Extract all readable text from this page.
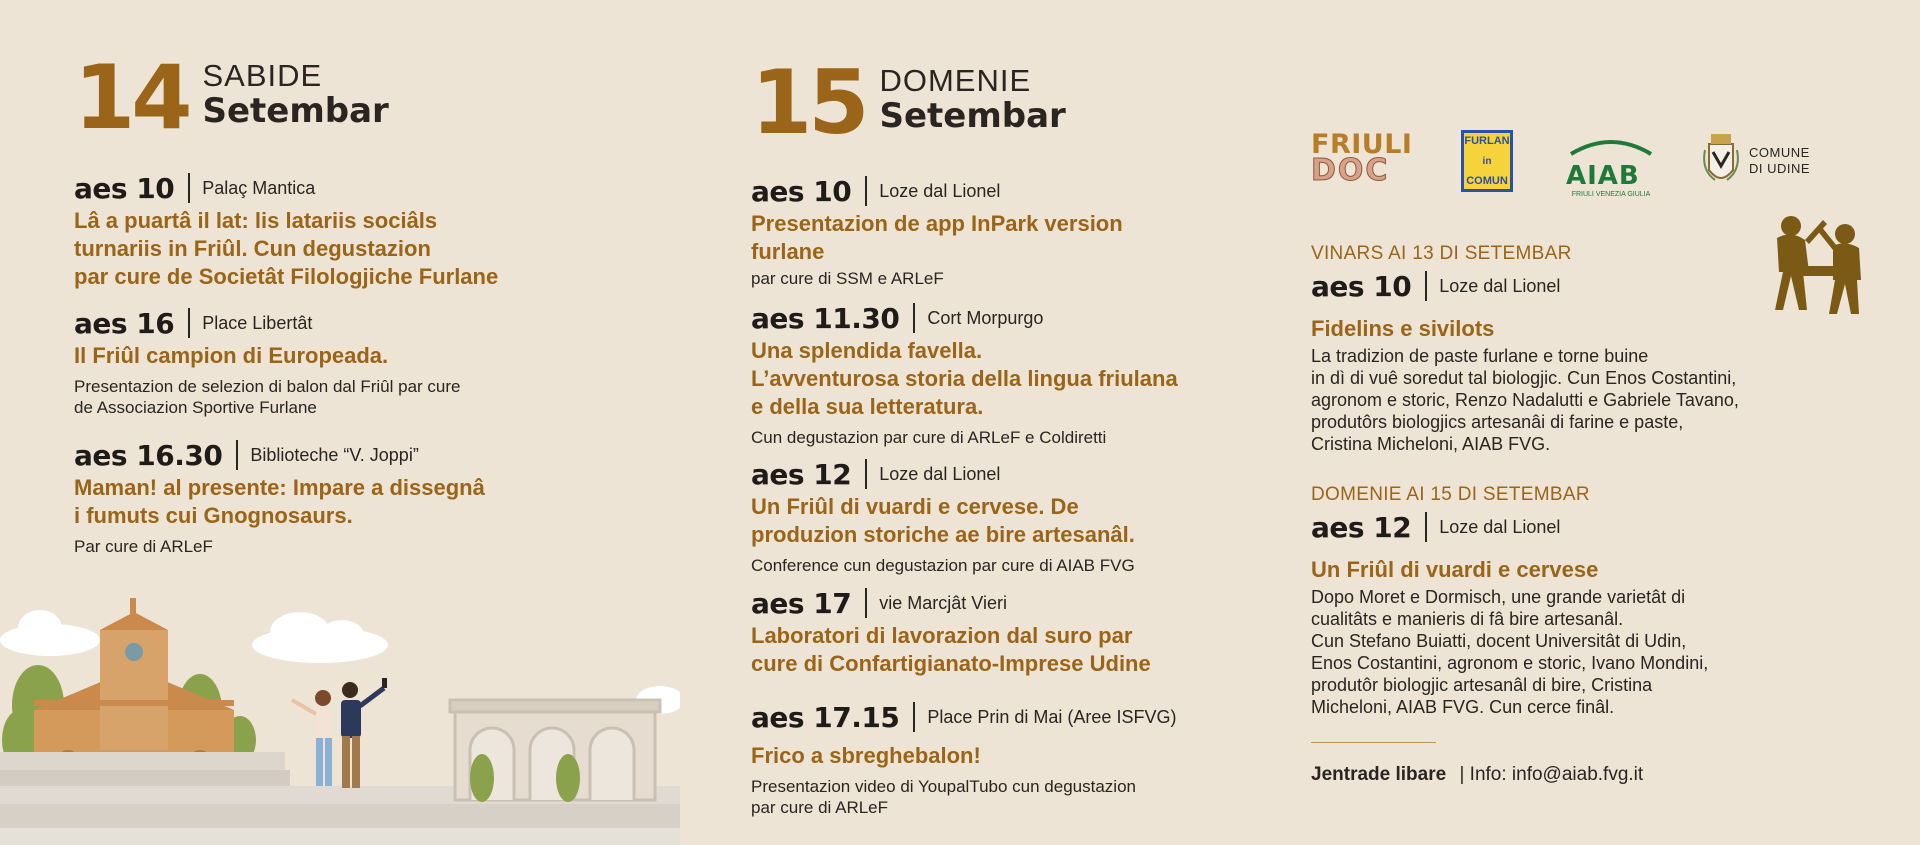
14 SABIDE
Setembar
aes 10 Palaç Mantica
Lâ a puartâ il lat: lis latariis sociâls
turnariis in Friûl. Cun degustazion
par cure de Societât Filologjiche Furlane
aes 16 Place Libertât
Il Friûl campion di Europeada.
Presentazion de selezion di balon dal Friûl par cure
de Associazion Sportive Furlane
aes 16.30 Biblioteche “V. Joppi”
Maman! al presente: Impare a dissegnâ
i fumuts cui Gnognosaurs.
Par cure di ARLeF
15 DOMENIE
Setembar
aes 10 Loze dal Lionel
Presentazion de app InPark version
furlane
par cure di SSM e ARLeF
aes 11.30 Cort Morpurgo
Una splendida favella.
L’avventurosa storia della lingua friulana
e della sua letteratura.
Cun degustazion par cure di ARLeF e Coldiretti
aes 12 Loze dal Lionel
Un Friûl di vuardi e cervese. De
produzion storiche ae bire artesanâl.
Conference cun degustazion par cure di AIAB FVG
aes 17 vie Marcjât Vieri
Laboratori di lavorazion dal suro par
cure di Confartigianato-Imprese Udine
aes 17.15 Place Prin di Mai (Aree ISFVG)
Frico a sbreghebalon!
Presentazion video di YoupalTubo cun degustazion
par cure di ARLeF
FRIULI
DOC
FURLAN
in
COMUN AIAB
FRIULI VENEZIA GIULIA
COMUNE
DI UDINE
VINARS AI 13 DI SETEMBAR
aes 10 Loze dal Lionel
Fidelins e sivilots
La tradizion de paste furlane e torne buine
in dì di vuê soredut tal biologjic. Cun Enos Costantini,
agronom e storic, Renzo Nadalutti e Gabriele Tavano,
produtôrs biologjics artesanâi di farine e paste,
Cristina Micheloni, AIAB FVG.
DOMENIE AI 15 DI SETEMBAR
aes 12 Loze dal Lionel
Un Friûl di vuardi e cervese
Dopo Moret e Dormisch, une grande varietât di
cualitâts e manieris di fâ bire artesanâl.
Cun Stefano Buiatti, docent Universitât di Udin,
Enos Costantini, agronom e storic, Ivano Mondini,
produtôr biologjic artesanâl di bire, Cristina
Micheloni, AIAB FVG. Cun cerce finâl.
Jentrade libare | Info: info@aiab.fvg.it
